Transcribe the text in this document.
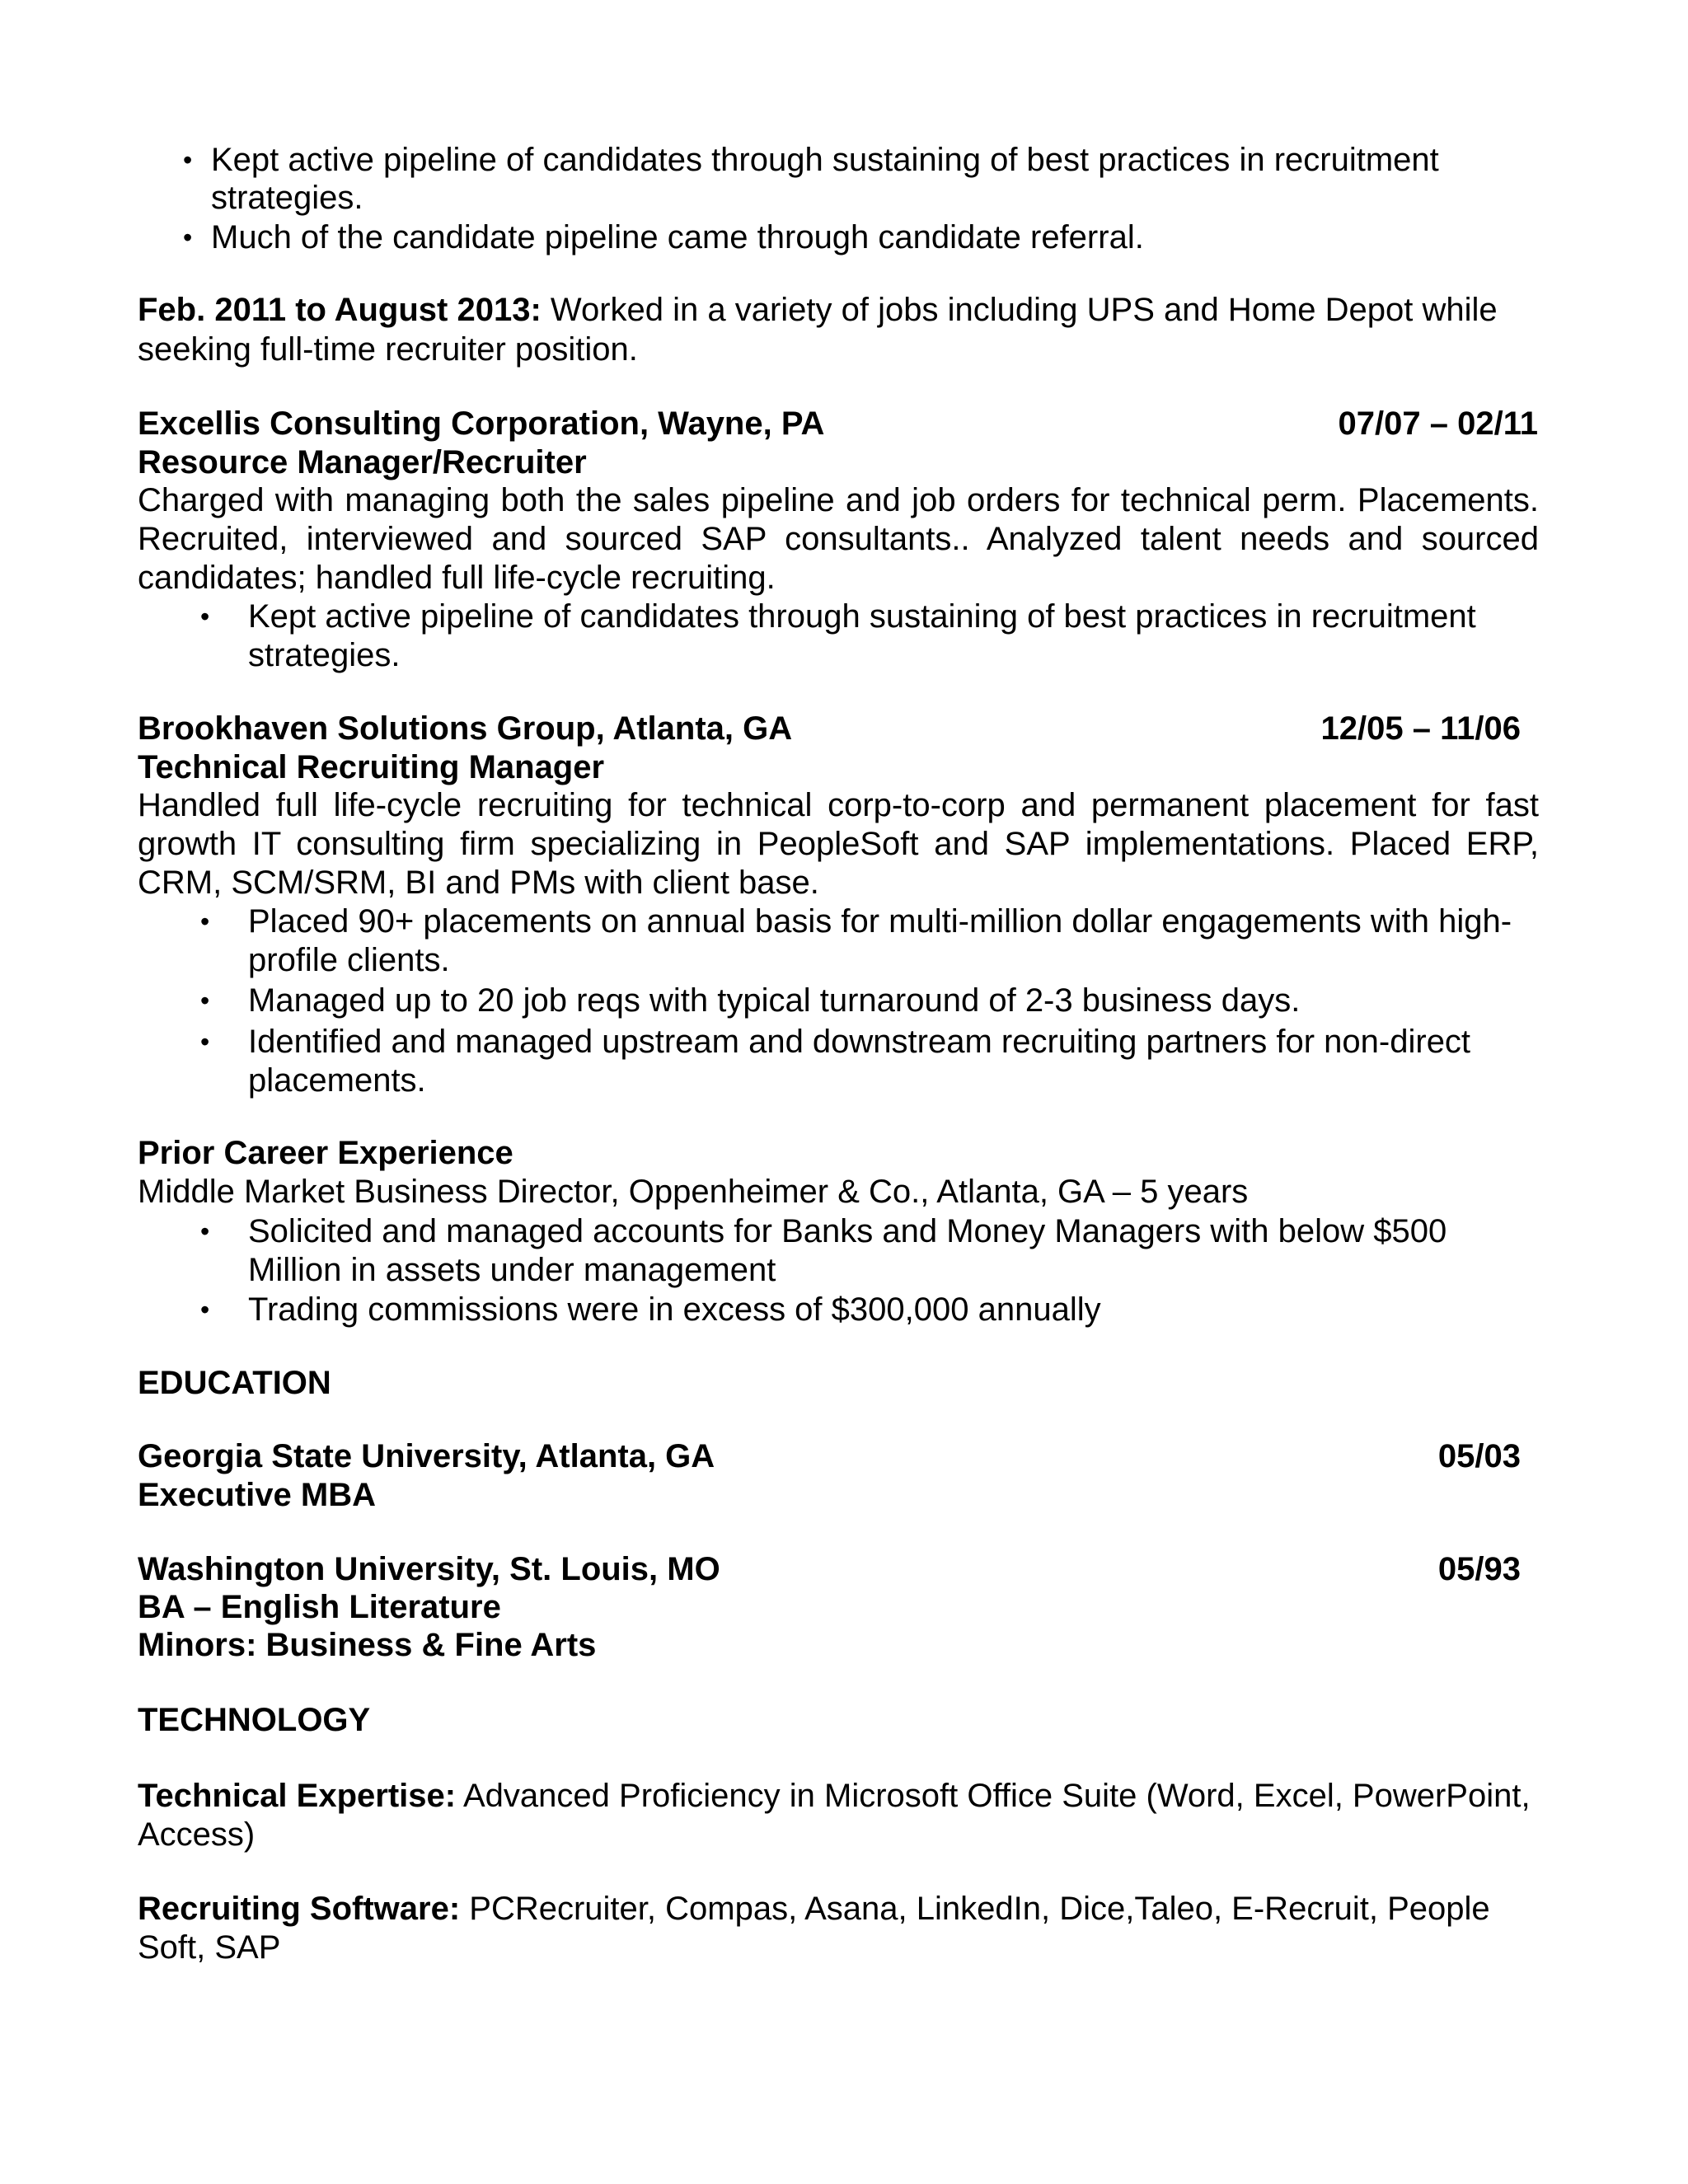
• Kept active pipeline of candidates through sustaining of best practices in recruitment
strategies.
• Much of the candidate pipeline came through candidate referral.
Feb. 2011 to August 2013: Worked in a variety of jobs including UPS and Home Depot while
seeking full-time recruiter position.
Excellis Consulting Corporation, Wayne, PA	07/07 – 02/11
Resource Manager/Recruiter
Charged with managing both the sales pipeline and job orders for technical perm. Placements. Recruited, interviewed and sourced SAP consultants.. Analyzed talent needs and sourced candidates; handled full life-cycle recruiting.
• Kept active pipeline of candidates through sustaining of best practices in recruitment
strategies.
Brookhaven Solutions Group, Atlanta, GA	12/05 – 11/06
Technical Recruiting Manager
Handled full life-cycle recruiting for technical corp-to-corp and permanent placement for fast growth IT consulting firm specializing in PeopleSoft and SAP implementations. Placed ERP, CRM, SCM/SRM, BI and PMs with client base.
• Placed 90+ placements on annual basis for multi-million dollar engagements with high-
profile clients.
• Managed up to 20 job reqs with typical turnaround of 2-3 business days.
• Identified and managed upstream and downstream recruiting partners for non-direct
placements.
Prior Career Experience
Middle Market Business Director, Oppenheimer & Co., Atlanta, GA – 5 years
• Solicited and managed accounts for Banks and Money Managers with below $500
Million in assets under management
• Trading commissions were in excess of $300,000 annually
EDUCATION
Georgia State University, Atlanta, GA	05/03
Executive MBA
Washington University, St. Louis, MO	05/93
BA – English Literature
Minors: Business & Fine Arts
TECHNOLOGY
Technical Expertise: Advanced Proficiency in Microsoft Office Suite (Word, Excel, PowerPoint,
Access)
Recruiting Software: PCRecruiter, Compas, Asana, LinkedIn, Dice,Taleo, E-Recruit, People
Soft, SAP
